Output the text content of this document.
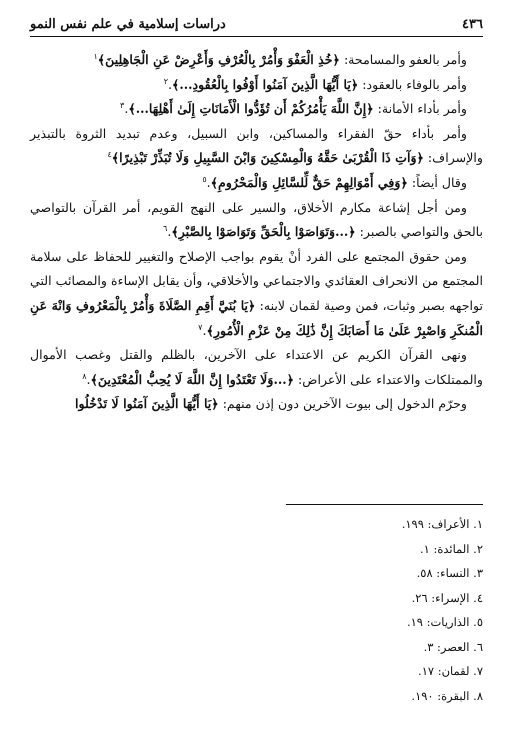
٤٣٦
دراسات إسلامية في علم نفس النمو

وأمر بالعفو والمسامحة: ﴿خُذِ الْعَفْوَ وَأْمُرْ بِالْعُرْفِ وَأَعْرِضْ عَنِ الْجَاهِلِينَ﴾$^١$

وأمر بالوفاء بالعقود: ﴿يَا أَيُّهَا الَّذِينَ آمَنُوا أَوْفُوا بِالْعُقُودِ...﴾.$^٢$

وأمر بأداء الأمانة: ﴿إِنَّ اللَّهَ يَأْمُرُكُمْ أَن تُؤَدُّوا الْأَمَانَاتِ إِلَىٰ أَهْلِهَا...﴾.$^٣$

وأمر بأداء حقّ الفقراء والمساكين، وابن السبيل، وعدم تبديد الثروة بالتبذير والإسراف: ﴿وَآتِ ذَا الْقُرْبَىٰ حَقَّهُ وَالْمِسْكِينَ وَابْنَ السَّبِيلِ وَلَا تُبَذِّرْ تَبْذِيرًا﴾$^٤$

وقال أيضاً: ﴿وَفِي أَمْوَالِهِمْ حَقٌّ لِّلسَّائِلِ وَالْمَحْرُومِ﴾.$^٥$

ومن أجل إشاعة مكارم الأخلاق، والسير على النهج القويم، أمر القرآن بالتواصي بالحق والتواصي بالصبر: ﴿...وَتَوَاصَوْا بِالْحَقِّ وَتَوَاصَوْا بِالصَّبْرِ﴾.$^٦$

ومن حقوق المجتمع على الفرد أنْ يقوم بواجب الإصلاح والتغيير للحفاظ على سلامة المجتمع من الانحراف العقائدي والاجتماعي والأخلاقي، وأن يقابل الإساءة والمصائب التي تواجهه بصبر وثبات، فمن وصية لقمان لابنه: ﴿يَا بُنَيَّ أَقِمِ الصَّلَاةَ وَأْمُرْ بِالْمَعْرُوفِ وَانْهَ عَنِ الْمُنكَرِ وَاصْبِرْ عَلَىٰ مَا أَصَابَكَ إِنَّ ذَٰلِكَ مِنْ عَزْمِ الْأُمُورِ﴾.$^٧$

ونهى القرآن الكريم عن الاعتداء على الآخرين، بالظلم والقتل وغصب الأموال والممتلكات والاعتداء على الأعراض: ﴿...وَلَا تَعْتَدُوا إِنَّ اللَّهَ لَا يُحِبُّ الْمُعْتَدِينَ﴾.$^٨$

وحرّم الدخول إلى بيوت الآخرين دون إذن منهم: ﴿يَا أَيُّهَا الَّذِينَ آمَنُوا لَا تَدْخُلُوا

١. الأعراف: ١٩٩.
٢. المائدة: ١.
٣. النساء: ٥٨.
٤. الإسراء: ٢٦.
٥. الذاريات: ١٩.
٦. العصر: ٣.
٧. لقمان: ١٧.
٨. البقرة: ١٩٠.
